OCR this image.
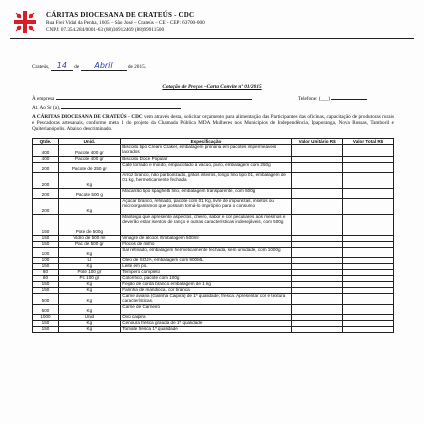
CÁRITAS DIOCESANA DE CRATEÚS - CDC
Rua Frei Vidal da Penha, 1605 – São José – Crateús – CE - CEP: 63700-000
CNPJ: 07.354.284/0001-63 (88)36912469 (88)99911500
Crateús, 14 de Abril	de 2015.
Cotação de Preços –Carta Convite nº 01/2015
À empresa	Telefone: (___)
At. Ao Sr (a),
A CÁRITAS DIOCESANA DE CRATEÚS - CDC vem através desta, solicitar orçamento para alimentação das Participantes das oficinas, capacitação de produtoras rurais e Pescadoras artesanais, conforme meta 1 do projeto da Chamada Pública MDA Mulheres nos Municípios de Independência, Ipaporanga, Nova Russas, Tamboril e Quiterianópolis. Abaixo descriminado.
Qtde.	Unid.	Especificação	Valor Unitário R$	Valor Total R$
400	Pacote 400 gr	Biscoito tipo Cream Craker, embalagem primária em pacotes impermeáveis lacrados		
400	Pacote 400 gr	Biscoito Doce Popular		
200	Pacote de 250 gr	Café torrado e moído, empacotado à vácuo, puro, embalagem com 250g		
200	Kg	Arroz branco, não parboirizado, grãos inteiros, longo fino tipo 01, embalagem de 01 kg, hermeticamente fechada		
200	Pacote 500 g	Macarrão tipo spaghetti fino, embalagem transparente, com 500g		
200	Kg	Açúcar branco, refinado, pacote com 01 Kg, livre de impurezas, insetos ou microorganismos que possam torná-lo impróprio para o consumo		
150	Pote de 500g	Manteiga que apresente aspectos, cheiro, sabor e cor peculiares aos mesmos e deverão estar isentos de ranço e outras características indesejáveis, com 500g		
150	Vidro de 500 ml	Vinagre de álcool. Embalagem 500ml		
150	Pac de 500 gr	Flocos de milho		
100	Kg	Sal refinado, embalagem hermeticamente fechada, sem umidade, com 1000g		
100	Lt	Óleo de SOJA, embalagem com 900ML		
150	Kg	Leite em pó.		
80	Pote 100 gr	Tempero completo		
80	Pc 100 gr	Colorífico, pacote com 100g		
150	Kg	Feijão de corda branco embalagem de 1 kg		
150	Kg	Farinha de mandioca, cor branca		
500	Kg	Carne aviária (Galinha Caipira) de 1ª qualidade, fresca. Apresentar cor e textura características.		
500	Kg	Carne de Carneiro		
1000	Unid	Ovo caipira		
150	Kg	Cenoura fresca graúda de 1ª qualidade		
150	Kg	Tomate fresca 1ª qualidade		
